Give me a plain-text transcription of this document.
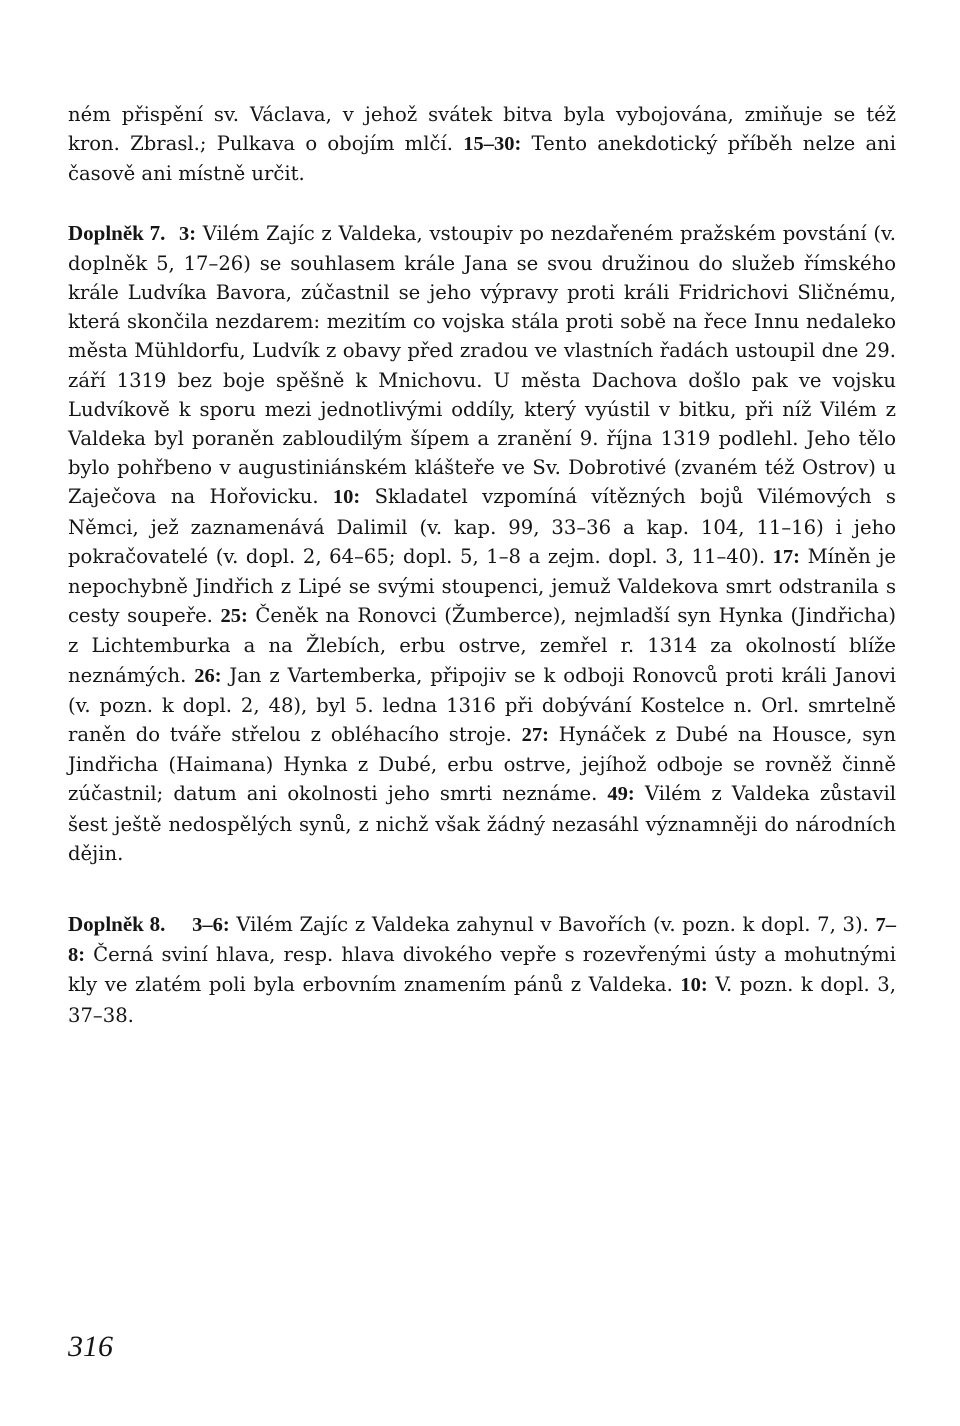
ném přispění sv. Václava, v jehož svátek bitva byla vybojována, zmiňuje se též kron. Zbrasl.; Pulkava o obojím mlčí. 15–30: Tento anekdotický příběh nelze ani časově ani místně určit.

Doplněk 7. 3: Vilém Zajíc z Valdeka, vstoupiv po nezdařeném pražském povstání (v. doplněk 5, 17–26) se souhlasem krále Jana se svou družinou do služeb římského krále Ludvíka Bavora, zúčastnil se jeho výpravy proti králi Fridrichovi Sličnému, která skončila nezdarem: mezitím co vojska stála proti sobě na řece Innu nedaleko města Mühldorfu, Ludvík z obavy před zradou ve vlastních řadách ustoupil dne 29. září 1319 bez boje spěšně k Mnichovu. U města Dachova došlo pak ve vojsku Ludvíkově k sporu mezi jednotlivými oddíly, který vyústil v bitku, při níž Vilém z Valdeka byl poraněn zabloudilým šípem a zranění 9. října 1319 podlehl. Jeho tělo bylo pohřbeno v augustiniánském klášteře ve Sv. Dobrotivé (zvaném též Ostrov) u Zaječova na Hořovicku. 10: Skladatel vzpomíná vítězných bojů Vilémových s Němci, jež zaznamenává Dalimil (v. kap. 99, 33–36 a kap. 104, 11–16) i jeho pokračovatelé (v. dopl. 2, 64–65; dopl. 5, 1–8 a zejm. dopl. 3, 11–40). 17: Míněn je nepochybně Jindřich z Lipé se svými stoupenci, jemuž Valdekova smrt odstranila s cesty soupeře. 25: Čeněk na Ronovci (Žumberce), nejmladší syn Hynka (Jindřicha) z Lichtemburka a na Žlebích, erbu ostrve, zemřel r. 1314 za okolností blíže neznámých. 26: Jan z Vartemberka, připojiv se k odboji Ronovců proti králi Janovi (v. pozn. k dopl. 2, 48), byl 5. ledna 1316 při dobývání Kostelce n. Orl. smrtelně raněn do tváře střelou z obléhacího stroje. 27: Hynáček z Dubé na Housce, syn Jindřicha (Haimana) Hynka z Dubé, erbu ostrve, jejíhož odboje se rovněž činně zúčastnil; datum ani okolnosti jeho smrti neznáme. 49: Vilém z Valdeka zůstavil šest ještě nedospělých synů, z nichž však žádný nezasáhl významněji do národních dějin.

Doplněk 8. 3–6: Vilém Zajíc z Valdeka zahynul v Bavořích (v. pozn. k dopl. 7, 3). 7–8: Černá sviní hlava, resp. hlava divokého vepře s rozevřenými ústy a mohutnými kly ve zlatém poli byla erbovním znamením pánů z Valdeka. 10: V. pozn. k dopl. 3, 37–38.

316
